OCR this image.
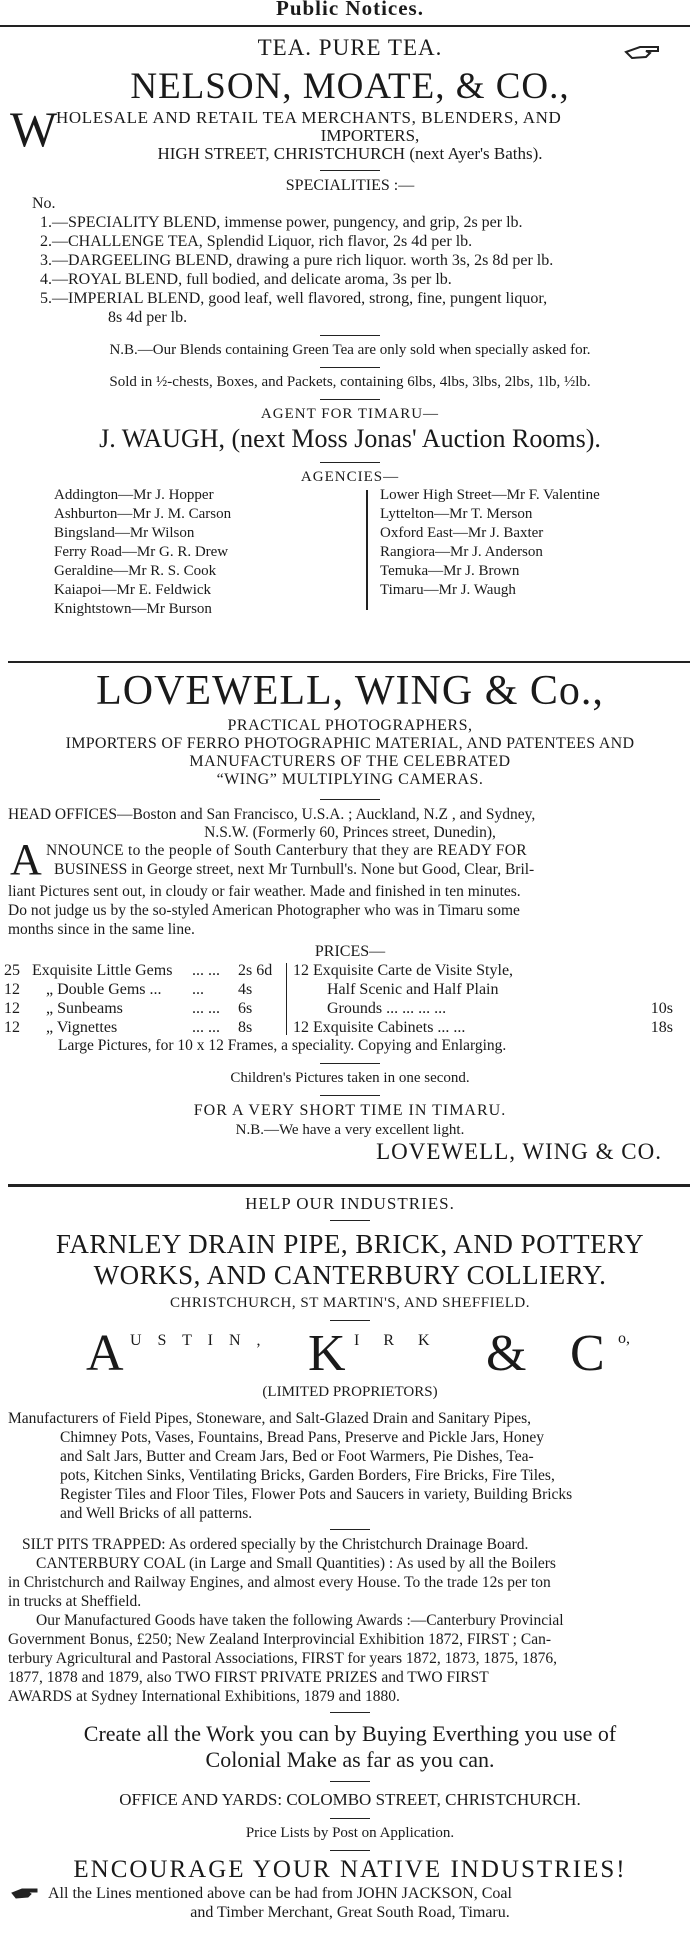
Public Notices.
TEA. PURE TEA.
NELSON, MOATE, & CO.,
W
HOLESALE AND RETAIL TEA MERCHANTS, BLENDERS, AND
IMPORTERS,
HIGH STREET, CHRISTCHURCH (next Ayer's Baths).
SPECIALITIES :—
No.
1.—SPECIALITY BLEND, immense power, pungency, and grip, 2s per lb.
2.—CHALLENGE TEA, Splendid Liquor, rich flavor, 2s 4d per lb.
3.—DARGEELING BLEND, drawing a pure rich liquor. worth 3s, 2s 8d per lb.
4.—ROYAL BLEND, full bodied, and delicate aroma, 3s per lb.
5.—IMPERIAL BLEND, good leaf, well flavored, strong, fine, pungent liquor,
8s 4d per lb.
N.B.—Our Blends containing Green Tea are only sold when specially asked for.
Sold in ½-chests, Boxes, and Packets, containing 6lbs, 4lbs, 3lbs, 2lbs, 1lb, ½lb.
AGENT FOR TIMARU—
J. WAUGH, (next Moss Jonas' Auction Rooms).
AGENCIES—
Addington—Mr J. Hopper
Ashburton—Mr J. M. Carson
Bingsland—Mr Wilson
Ferry Road—Mr G. R. Drew
Geraldine—Mr R. S. Cook
Kaiapoi—Mr E. Feldwick
Knightstown—Mr Burson
Lower High Street—Mr F. Valentine
Lyttelton—Mr T. Merson
Oxford East—Mr J. Baxter
Rangiora—Mr J. Anderson
Temuka—Mr J. Brown
Timaru—Mr J. Waugh
LOVEWELL, WING & Co.,
PRACTICAL PHOTOGRAPHERS,
IMPORTERS OF FERRO PHOTOGRAPHIC MATERIAL, AND PATENTEES AND
MANUFACTURERS OF THE CELEBRATED
“WING” MULTIPLYING CAMERAS.
HEAD OFFICES—Boston and San Francisco, U.S.A. ; Auckland, N.Z , and Sydney,
N.S.W. (Formerly 60, Princes street, Dunedin),
A NNOUNCE to the people of South Canterbury that they are READY FOR
BUSINESS in George street, next Mr Turnbull's. None but Good, Clear, Bril-
liant Pictures sent out, in cloudy or fair weather. Made and finished in ten minutes.
Do not judge us by the so-styled American Photographer who was in Timaru some
months since in the same line.
PRICES—
25	Exquisite Little Gems	... ...	2s 6d
12	„ Double Gems ...	...	4s
12	„ Sunbeams	... ...	6s
12	„ Vignettes	... ...	8s
12 Exquisite Carte de Visite Style,	
Half Scenic and Half Plain	
Grounds ... ... ... ...	10s
12 Exquisite Cabinets ... ...	18s
Large Pictures, for 10 x 12 Frames, a speciality. Copying and Enlarging.
Children's Pictures taken in one second.
FOR A VERY SHORT TIME IN TIMARU.
N.B.—We have a very excellent light.
LOVEWELL, WING & CO.
HELP OUR INDUSTRIES.
FARNLEY DRAIN PIPE, BRICK, AND POTTERY
WORKS, AND CANTERBURY COLLIERY.
CHRISTCHURCH, ST MARTIN'S, AND SHEFFIELD.
A U S T I N , K I R K & C o,
(LIMITED PROPRIETORS)
Manufacturers of Field Pipes, Stoneware, and Salt-Glazed Drain and Sanitary Pipes,
Chimney Pots, Vases, Fountains, Bread Pans, Preserve and Pickle Jars, Honey
and Salt Jars, Butter and Cream Jars, Bed or Foot Warmers, Pie Dishes, Tea-
pots, Kitchen Sinks, Ventilating Bricks, Garden Borders, Fire Bricks, Fire Tiles,
Register Tiles and Floor Tiles, Flower Pots and Saucers in variety, Building Bricks
and Well Bricks of all patterns.
SILT PITS TRAPPED: As ordered specially by the Christchurch Drainage Board.
CANTERBURY COAL (in Large and Small Quantities) : As used by all the Boilers
in Christchurch and Railway Engines, and almost every House. To the trade 12s per ton
in trucks at Sheffield.
Our Manufactured Goods have taken the following Awards :—Canterbury Provincial
Government Bonus, £250; New Zealand Interprovincial Exhibition 1872, FIRST ; Can-
terbury Agricultural and Pastoral Associations, FIRST for years 1872, 1873, 1875, 1876,
1877, 1878 and 1879, also TWO FIRST PRIVATE PRIZES and TWO FIRST
AWARDS at Sydney International Exhibitions, 1879 and 1880.
Create all the Work you can by Buying Everthing you use of
Colonial Make as far as you can.
OFFICE AND YARDS: COLOMBO STREET, CHRISTCHURCH.
Price Lists by Post on Application.
ENCOURAGE YOUR NATIVE INDUSTRIES!
All the Lines mentioned above can be had from JOHN JACKSON, Coal
and Timber Merchant, Great South Road, Timaru.
